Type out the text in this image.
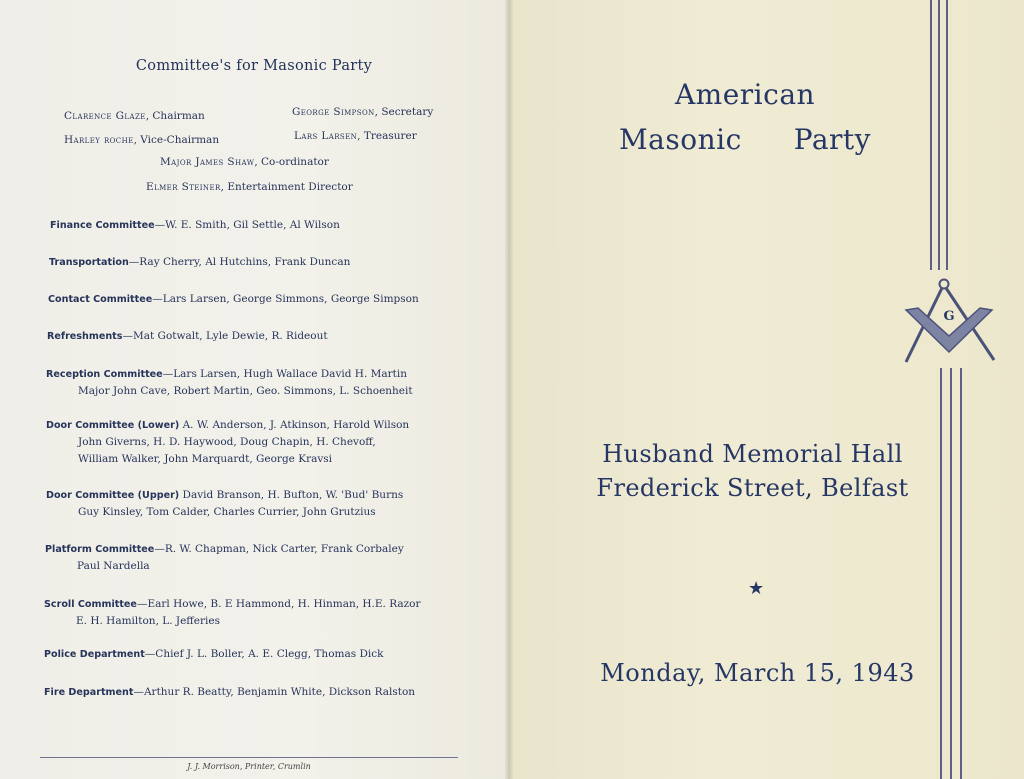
Committee's for Masonic Party
Clarence Glaze, Chairman	George Simpson, Secretary
Harley roche, Vice-Chairman	Lars Larsen, Treasurer
Major James Shaw, Co-ordinator
Elmer Steiner, Entertainment Director
Finance Committee—W. E. Smith, Gil Settle, Al Wilson
Transportation—Ray Cherry, Al Hutchins, Frank Duncan
Contact Committee—Lars Larsen, George Simmons, George Simpson
Refreshments—Mat Gotwalt, Lyle Dewie, R. Rideout
Reception Committee—Lars Larsen, Hugh Wallace David H. Martin
Major John Cave, Robert Martin, Geo. Simmons, L. Schoenheit
Door Committee (Lower) A. W. Anderson, J. Atkinson, Harold Wilson
John Giverns, H. D. Haywood, Doug Chapin, H. Chevoff,
William Walker, John Marquardt, George Kravsi
Door Committee (Upper) David Branson, H. Bufton, W. 'Bud' Burns
Guy Kinsley, Tom Calder, Charles Currier, John Grutzius
Platform Committee—R. W. Chapman, Nick Carter, Frank Corbaley
Paul Nardella
Scroll Committee—Earl Howe, B. E Hammond, H. Hinman, H.E. Razor
E. H. Hamilton, L. Jefferies
Police Department—Chief J. L. Boller, A. E. Clegg, Thomas Dick
Fire Department—Arthur R. Beatty, Benjamin White, Dickson Ralston
J. J. Morrison, Printer, Crumlin
American
Masonic Party
G
Husband Memorial Hall
Frederick Street, Belfast
★
Monday, March 15, 1943
